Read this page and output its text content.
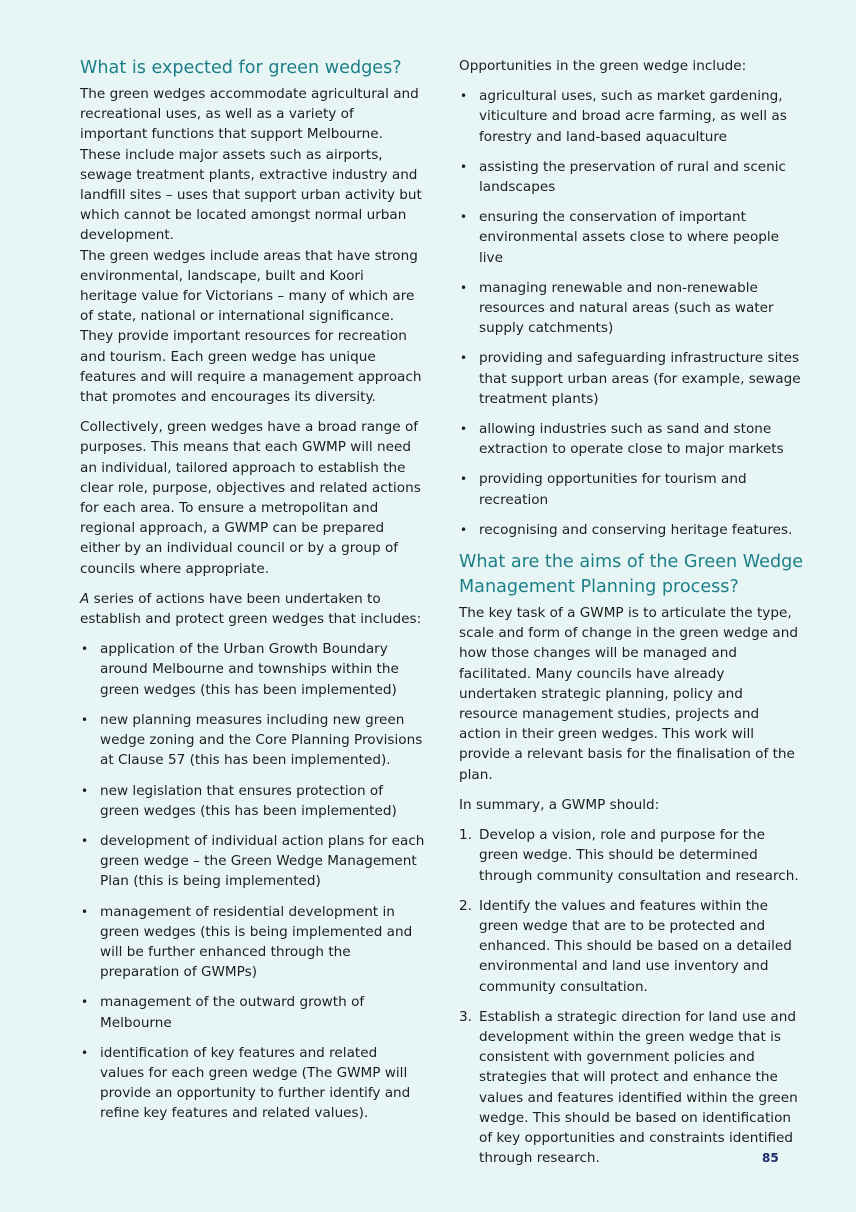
What is expected for green wedges?

The green wedges accommodate agricultural and recreational uses, as well as a variety of important functions that support Melbourne. These include major assets such as airports, sewage treatment plants, extractive industry and landfill sites – uses that support urban activity but which cannot be located amongst normal urban development.

The green wedges include areas that have strong environmental, landscape, built and Koori heritage value for Victorians – many of which are of state, national or international significance. They provide important resources for recreation and tourism. Each green wedge has unique features and will require a management approach that promotes and encourages its diversity.

Collectively, green wedges have a broad range of purposes. This means that each GWMP will need an individual, tailored approach to establish the clear role, purpose, objectives and related actions for each area. To ensure a metropolitan and regional approach, a GWMP can be prepared either by an individual council or by a group of councils where appropriate.

A series of actions have been undertaken to establish and protect green wedges that includes:

• application of the Urban Growth Boundary around Melbourne and townships within the green wedges (this has been implemented)
• new planning measures including new green wedge zoning and the Core Planning Provisions at Clause 57 (this has been implemented).
• new legislation that ensures protection of green wedges (this has been implemented)
• development of individual action plans for each green wedge – the Green Wedge Management Plan (this is being implemented)
• management of residential development in green wedges (this is being implemented and will be further enhanced through the preparation of GWMPs)
• management of the outward growth of Melbourne
• identification of key features and related values for each green wedge (The GWMP will provide an opportunity to further identify and refine key features and related values).

Opportunities in the green wedge include:

• agricultural uses, such as market gardening, viticulture and broad acre farming, as well as forestry and land-based aquaculture
• assisting the preservation of rural and scenic landscapes
• ensuring the conservation of important environmental assets close to where people live
• managing renewable and non-renewable resources and natural areas (such as water supply catchments)
• providing and safeguarding infrastructure sites that support urban areas (for example, sewage treatment plants)
• allowing industries such as sand and stone extraction to operate close to major markets
• providing opportunities for tourism and recreation
• recognising and conserving heritage features.
What are the aims of the Green Wedge Management Planning process?

The key task of a GWMP is to articulate the type, scale and form of change in the green wedge and how those changes will be managed and facilitated. Many councils have already undertaken strategic planning, policy and resource management studies, projects and action in their green wedges. This work will provide a relevant basis for the finalisation of the plan.

In summary, a GWMP should:

1. Develop a vision, role and purpose for the green wedge. This should be determined through community consultation and research.
2. Identify the values and features within the green wedge that are to be protected and enhanced. This should be based on a detailed environmental and land use inventory and community consultation.
3. Establish a strategic direction for land use and development within the green wedge that is consistent with government policies and strategies that will protect and enhance the values and features identified within the green wedge. This should be based on identification of key opportunities and constraints identified through research.	85
